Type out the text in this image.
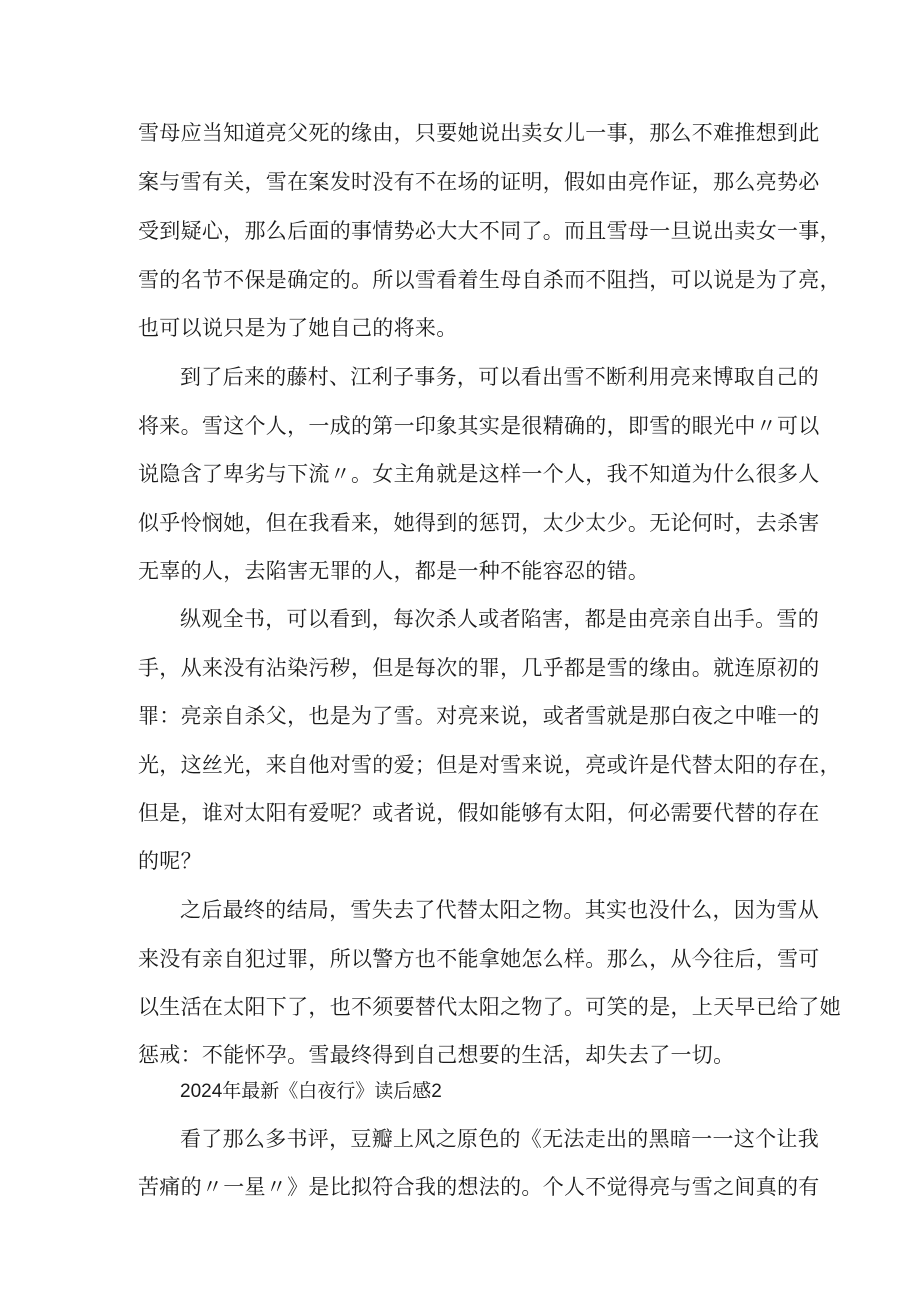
雪母应当知道亮父死的缘由，只要她说出卖女儿一事，那么不难推想到此
案与雪有关，雪在案发时没有不在场的证明，假如由亮作证，那么亮势必
受到疑心，那么后面的事情势必大大不同了。而且雪母一旦说出卖女一事，
雪的名节不保是确定的。所以雪看着生母自杀而不阻挡，可以说是为了亮，
也可以说只是为了她自己的将来。
到了后来的藤村、江利子事务，可以看出雪不断利用亮来博取自己的
将来。雪这个人，一成的第一印象其实是很精确的，即雪的眼光中〃可以
说隐含了卑劣与下流〃。女主角就是这样一个人，我不知道为什么很多人
似乎怜悯她，但在我看来，她得到的惩罚，太少太少。无论何时，去杀害
无辜的人，去陷害无罪的人，都是一种不能容忍的错。
纵观全书，可以看到，每次杀人或者陷害，都是由亮亲自出手。雪的
手，从来没有沾染污秽，但是每次的罪，几乎都是雪的缘由。就连原初的
罪：亮亲自杀父，也是为了雪。对亮来说，或者雪就是那白夜之中唯一的
光，这丝光，来自他对雪的爱；但是对雪来说，亮或许是代替太阳的存在，
但是，谁对太阳有爱呢？或者说，假如能够有太阳，何必需要代替的存在
的呢？
之后最终的结局，雪失去了代替太阳之物。其实也没什么，因为雪从
来没有亲自犯过罪，所以警方也不能拿她怎么样。那么，从今往后，雪可
以生活在太阳下了，也不须要替代太阳之物了。可笑的是，上天早已给了她
惩戒：不能怀孕。雪最终得到自己想要的生活，却失去了一切。
2024年最新《白夜行》读后感2
看了那么多书评，豆瓣上风之原色的《无法走出的黑暗一一这个让我
苦痛的〃一星〃》是比拟符合我的想法的。个人不觉得亮与雪之间真的有
